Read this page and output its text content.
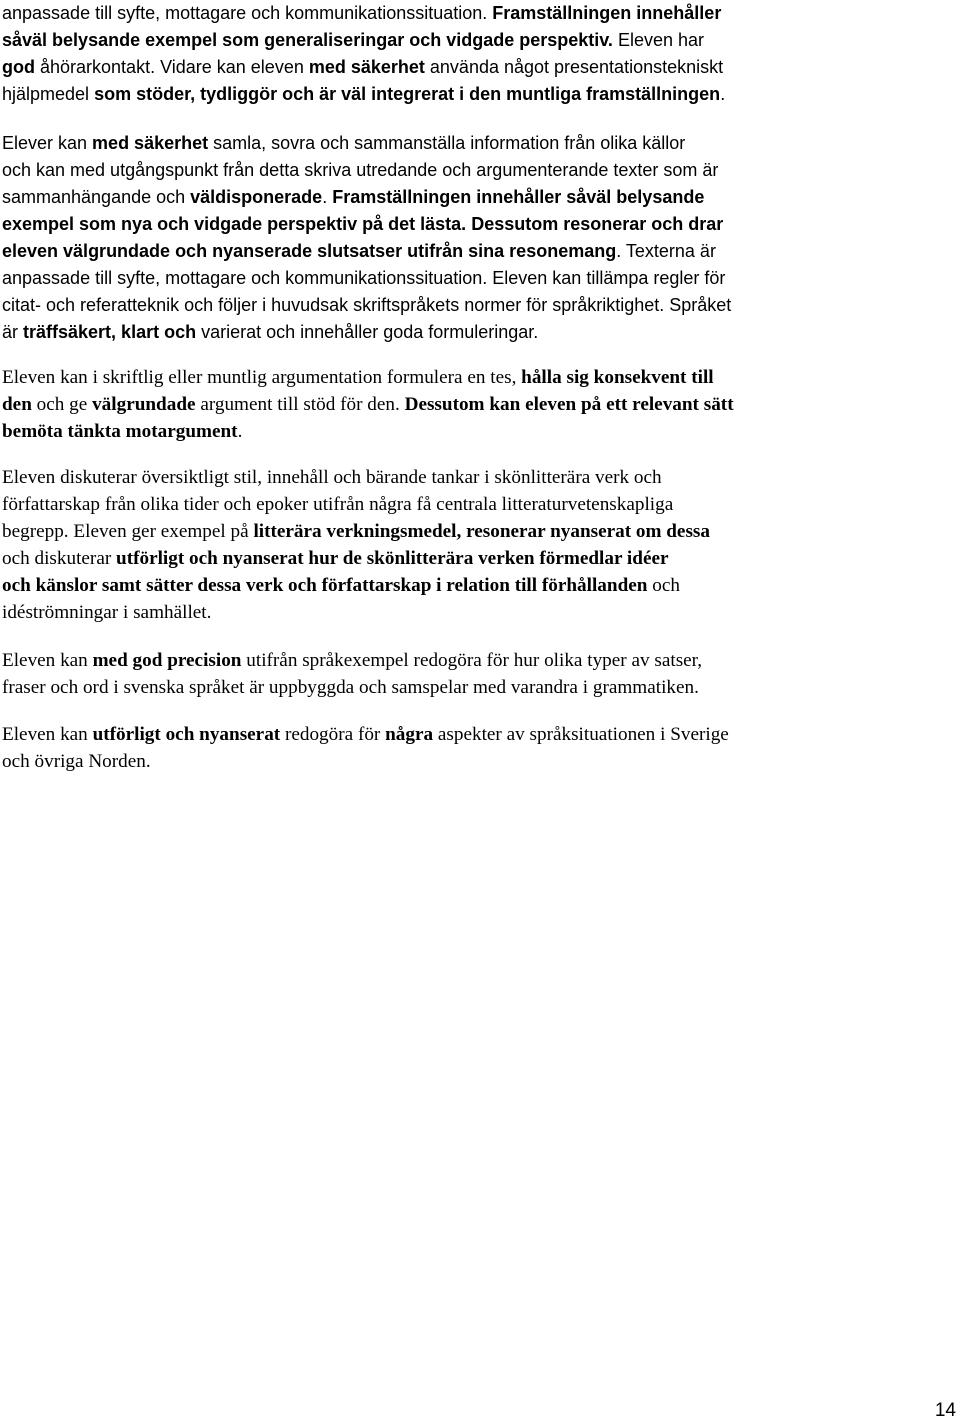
anpassade till syfte, mottagare och kommunikationssituation. Framställningen innehåller
såväl belysande exempel som generaliseringar och vidgade perspektiv. Eleven har
god åhörarkontakt. Vidare kan eleven med säkerhet använda något presentationstekniskt
hjälpmedel som stöder, tydliggör och är väl integrerat i den muntliga framställningen.
Elever kan med säkerhet samla, sovra och sammanställa information från olika källor
och kan med utgångspunkt från detta skriva utredande och argumenterande texter som är
sammanhängande och väldisponerade. Framställningen innehåller såväl belysande
exempel som nya och vidgade perspektiv på det lästa. Dessutom resonerar och drar
eleven välgrundade och nyanserade slutsatser utifrån sina resonemang. Texterna är
anpassade till syfte, mottagare och kommunikationssituation. Eleven kan tillämpa regler för
citat- och referatteknik och följer i huvudsak skriftspråkets normer för språkriktighet. Språket
är träffsäkert, klart och varierat och innehåller goda formuleringar.
Eleven kan i skriftlig eller muntlig argumentation formulera en tes, hålla sig konsekvent till
den och ge välgrundade argument till stöd för den. Dessutom kan eleven på ett relevant sätt
bemöta tänkta motargument.
Eleven diskuterar översiktligt stil, innehåll och bärande tankar i skönlitterära verk och
författarskap från olika tider och epoker utifrån några få centrala litteraturvetenskapliga
begrepp. Eleven ger exempel på litterära verkningsmedel, resonerar nyanserat om dessa
och diskuterar utförligt och nyanserat hur de skönlitterära verken förmedlar idéer
och känslor samt sätter dessa verk och författarskap i relation till förhållanden och
idéströmningar i samhället.
Eleven kan med god precision utifrån språkexempel redogöra för hur olika typer av satser,
fraser och ord i svenska språket är uppbyggda och samspelar med varandra i grammatiken.
Eleven kan utförligt och nyanserat redogöra för några aspekter av språksituationen i Sverige
och övriga Norden.
14
